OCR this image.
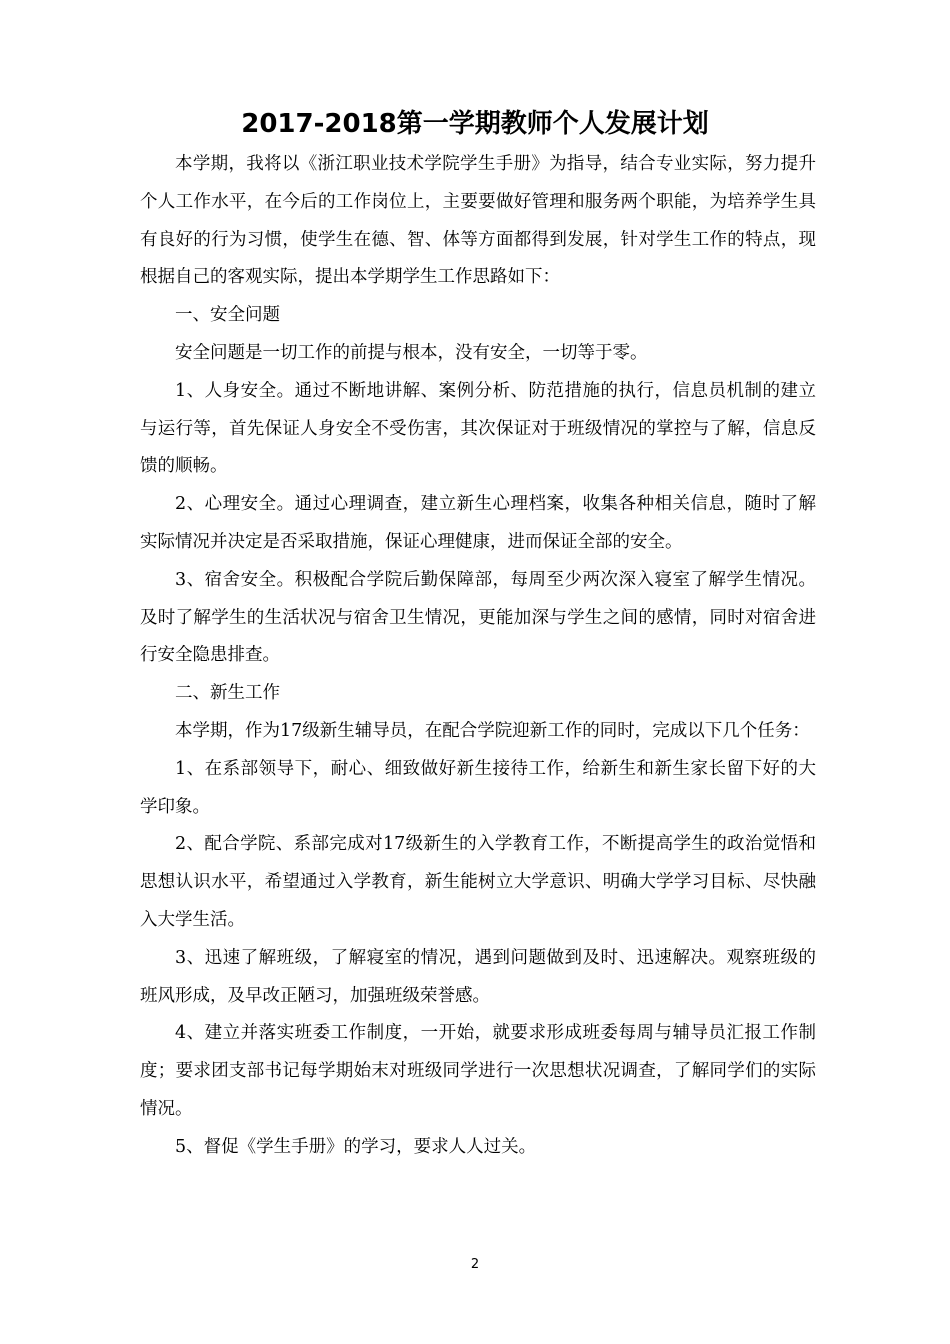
2017-2018第一学期教师个人发展计划

本学期，我将以《浙江职业技术学院学生手册》为指导，结合专业实际，努力提升个人工作水平，在今后的工作岗位上，主要要做好管理和服务两个职能，为培养学生具有良好的行为习惯，使学生在德、智、体等方面都得到发展，针对学生工作的特点，现根据自己的客观实际，提出本学期学生工作思路如下：

一、安全问题

安全问题是一切工作的前提与根本，没有安全，一切等于零。

1、人身安全。通过不断地讲解、案例分析、防范措施的执行，信息员机制的建立与运行等，首先保证人身安全不受伤害，其次保证对于班级情况的掌控与了解，信息反馈的顺畅。

2、心理安全。通过心理调查，建立新生心理档案，收集各种相关信息，随时了解实际情况并决定是否采取措施，保证心理健康，进而保证全部的安全。

3、宿舍安全。积极配合学院后勤保障部，每周至少两次深入寝室了解学生情况。及时了解学生的生活状况与宿舍卫生情况，更能加深与学生之间的感情，同时对宿舍进行安全隐患排查。

二、新生工作

本学期，作为17级新生辅导员，在配合学院迎新工作的同时，完成以下几个任务：

1、在系部领导下，耐心、细致做好新生接待工作，给新生和新生家长留下好的大学印象。

2、配合学院、系部完成对17级新生的入学教育工作，不断提高学生的政治觉悟和思想认识水平，希望通过入学教育，新生能树立大学意识、明确大学学习目标、尽快融入大学生活。

3、迅速了解班级，了解寝室的情况，遇到问题做到及时、迅速解决。观察班级的班风形成，及早改正陋习，加强班级荣誉感。

4、建立并落实班委工作制度，一开始，就要求形成班委每周与辅导员汇报工作制度；要求团支部书记每学期始末对班级同学进行一次思想状况调查，了解同学们的实际情况。

5、督促《学生手册》的学习，要求人人过关。

2
